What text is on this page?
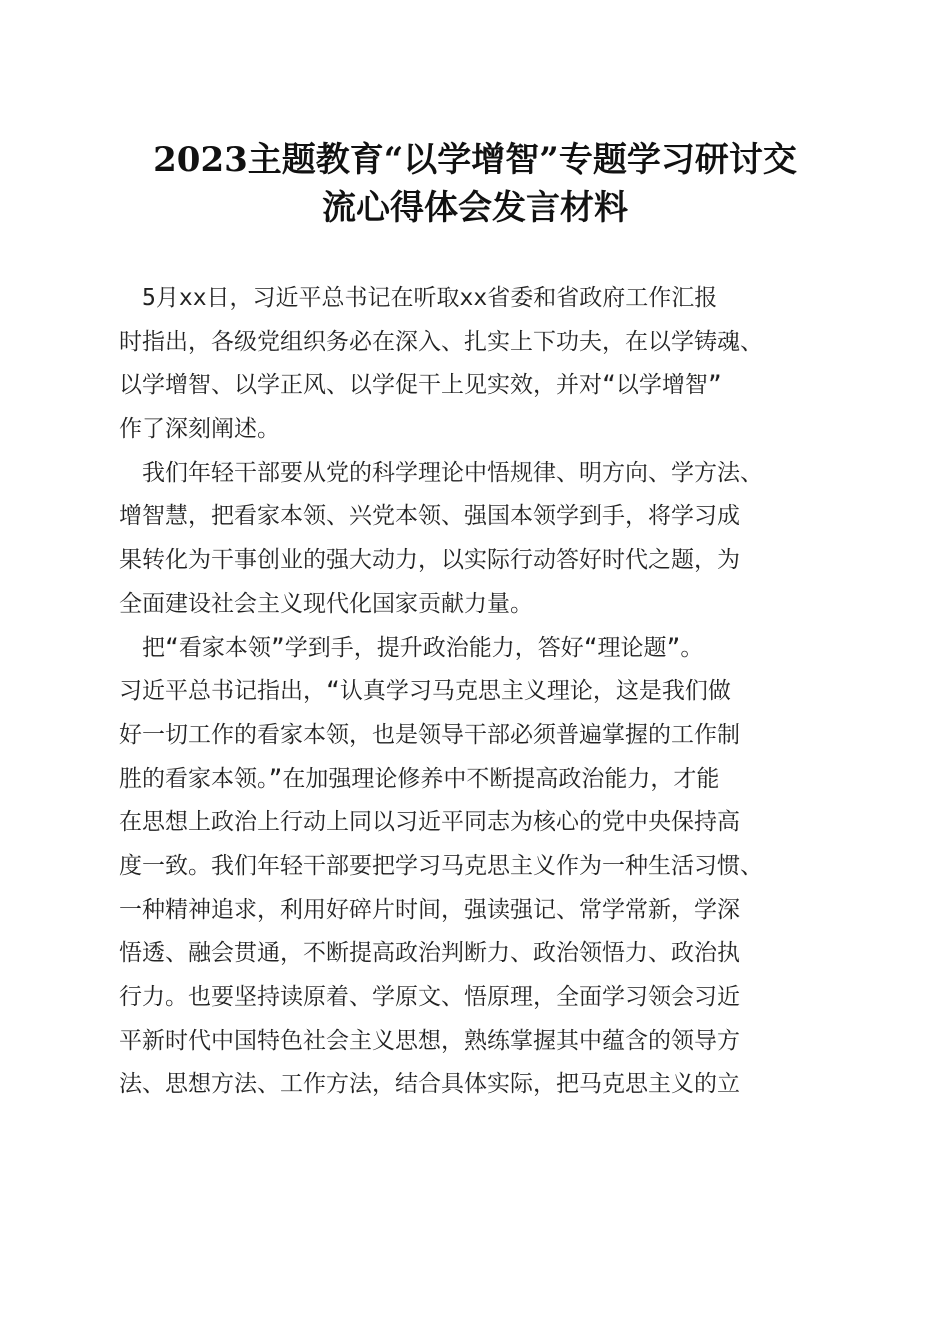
2023主题教育“以学增智”专题学习研讨交
流心得体会发言材料
　5月xx日，习近平总书记在听取xx省委和省政府工作汇报
时指出，各级党组织务必在深入、扎实上下功夫，在以学铸魂、
以学增智、以学正风、以学促干上见实效，并对“以学增智”
作了深刻阐述。
　我们年轻干部要从党的科学理论中悟规律、明方向、学方法、
增智慧，把看家本领、兴党本领、强国本领学到手，将学习成
果转化为干事创业的强大动力，以实际行动答好时代之题，为
全面建设社会主义现代化国家贡献力量。
　把“看家本领”学到手，提升政治能力，答好“理论题”。
习近平总书记指出，“认真学习马克思主义理论，这是我们做
好一切工作的看家本领，也是领导干部必须普遍掌握的工作制
胜的看家本领。”在加强理论修养中不断提高政治能力，才能
在思想上政治上行动上同以习近平同志为核心的党中央保持高
度一致。我们年轻干部要把学习马克思主义作为一种生活习惯、
一种精神追求，利用好碎片时间，强读强记、常学常新，学深
悟透、融会贯通，不断提高政治判断力、政治领悟力、政治执
行力。也要坚持读原着、学原文、悟原理，全面学习领会习近
平新时代中国特色社会主义思想，熟练掌握其中蕴含的领导方
法、思想方法、工作方法，结合具体实际，把马克思主义的立
